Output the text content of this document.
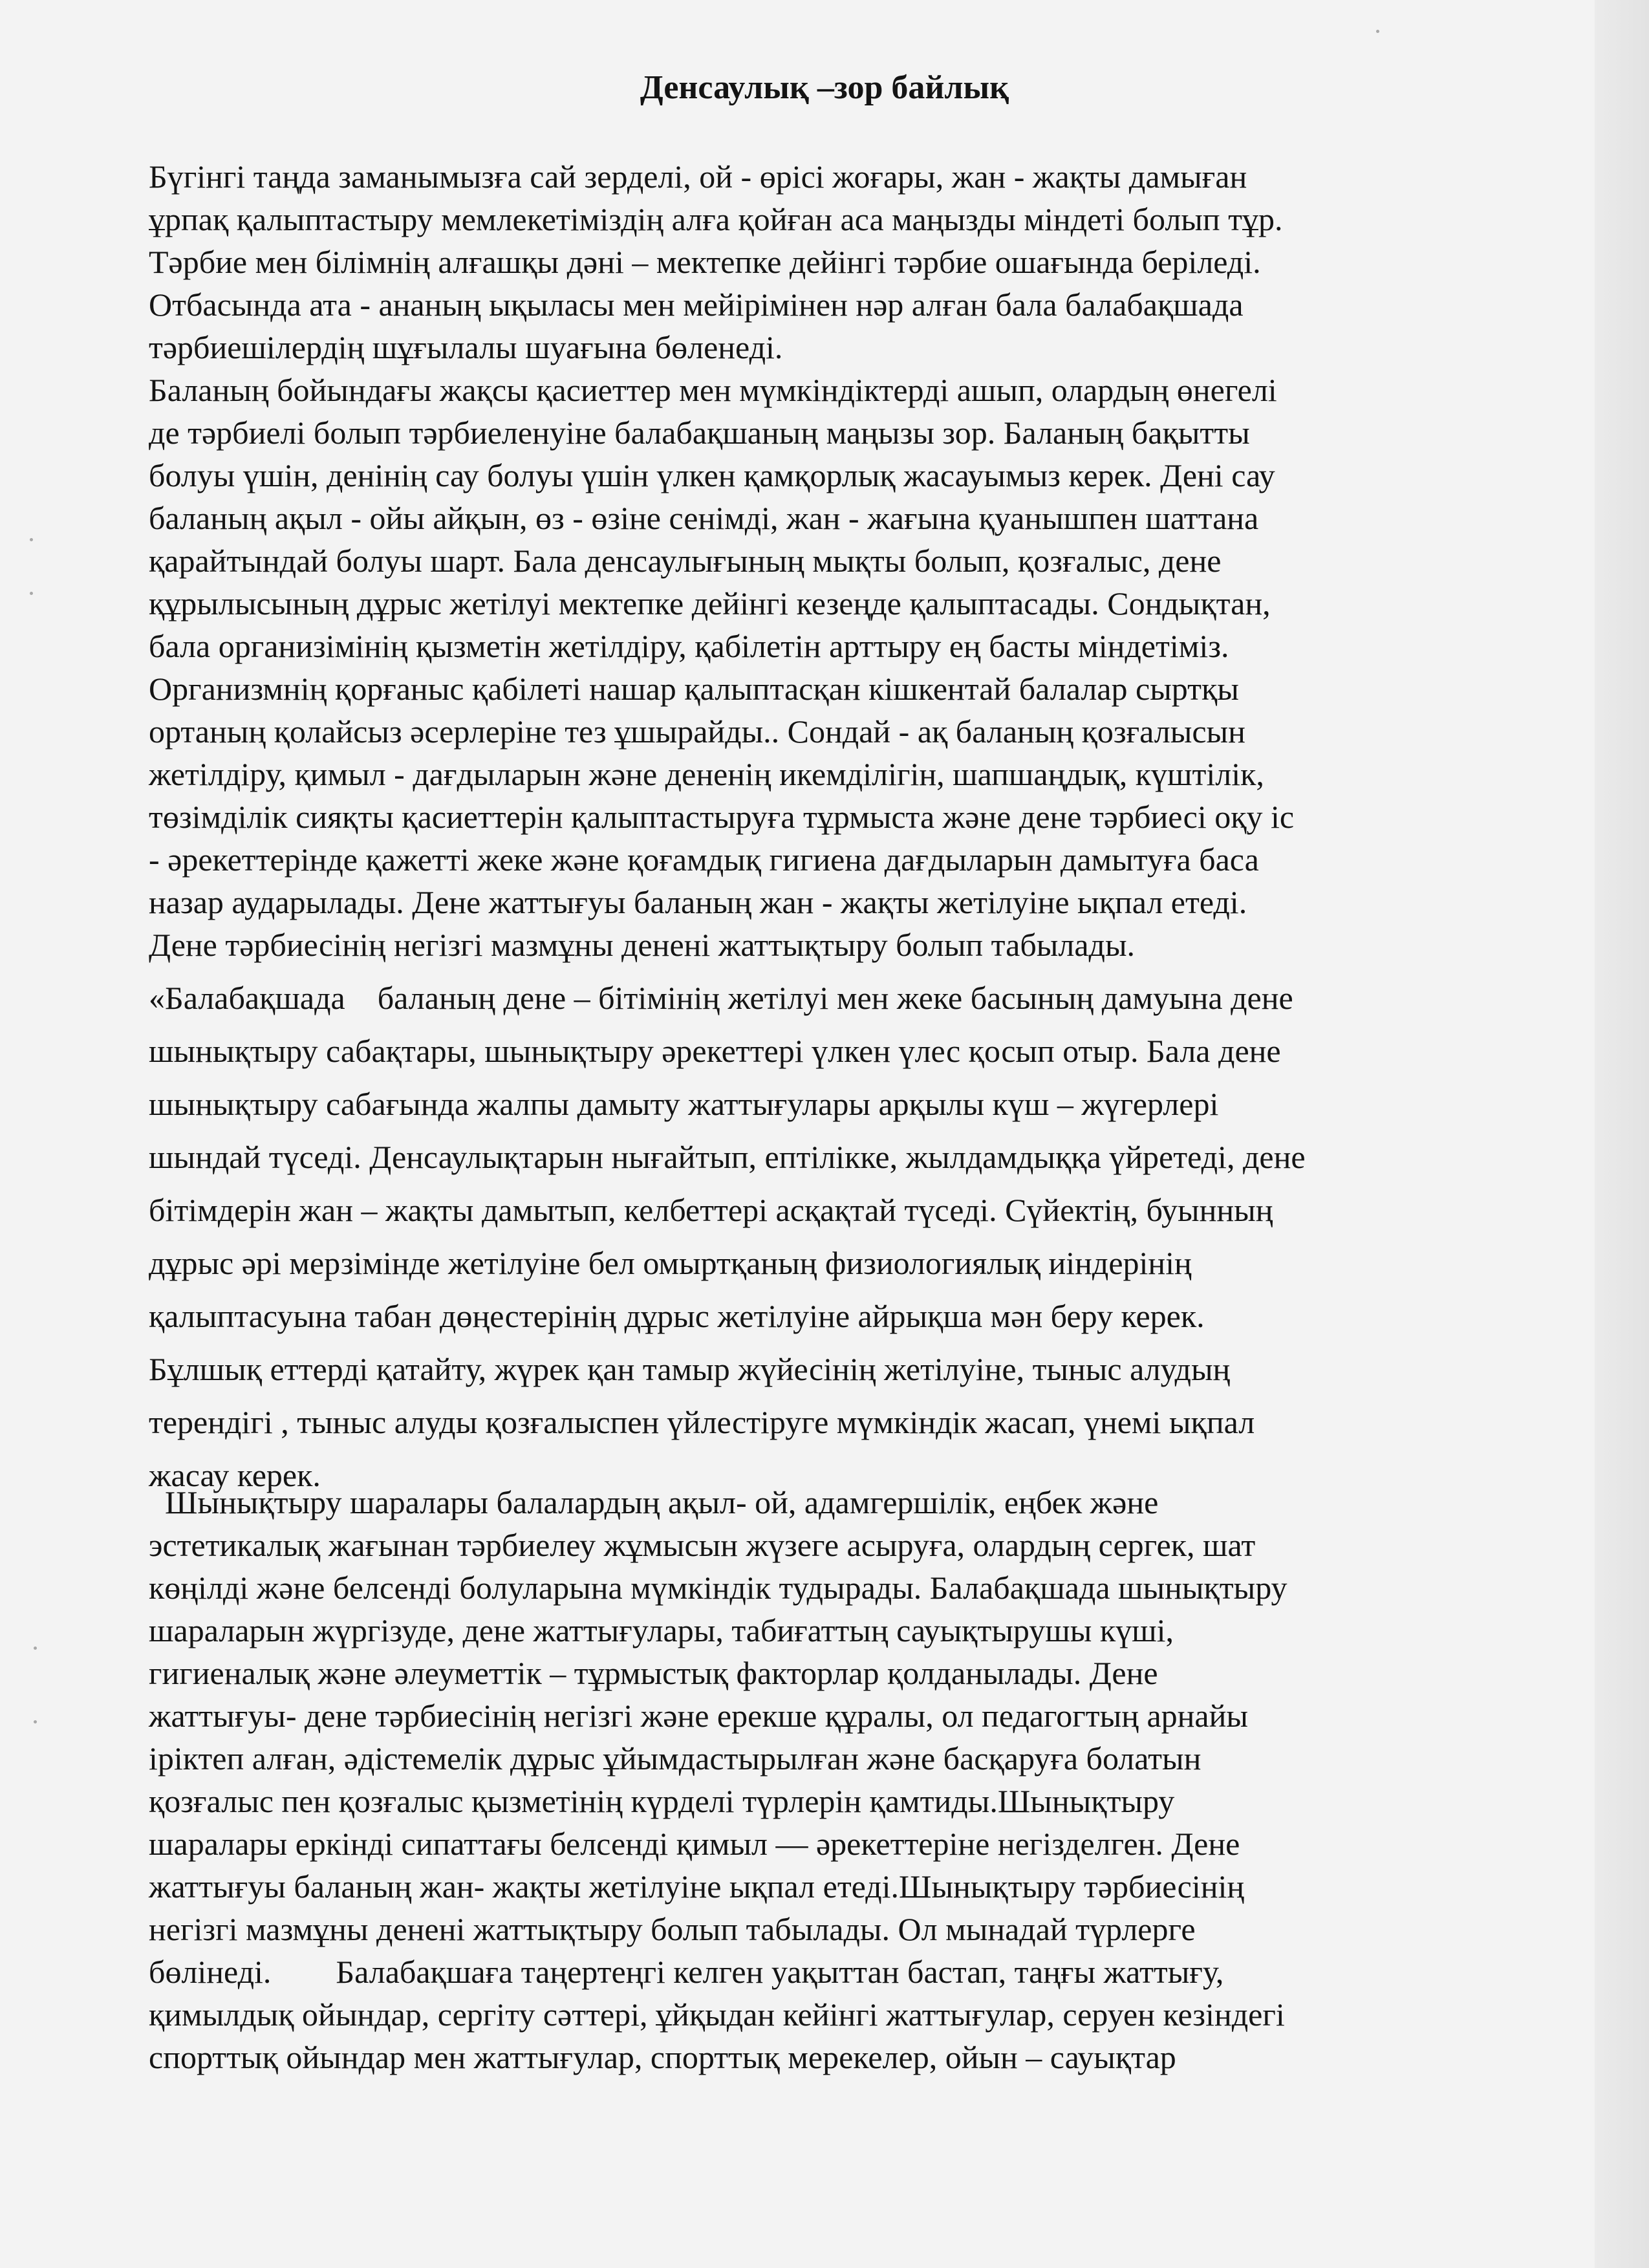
Денсаулық –зор байлық
Бүгінгі таңда заманымызға сай зерделі, ой - өрісі жоғары, жан - жақты дамыған
ұрпақ қалыптастыру мемлекетіміздің алға қойған аса маңызды міндеті болып тұр.
Тәрбие мен білімнің алғашқы дәні – мектепке дейінгі тәрбие ошағында беріледі.
Отбасында ата - ананың ықыласы мен мейірімінен нәр алған бала балабақшада
тәрбиешілердің шұғылалы шуағына бөленеді.
Баланың бойындағы жақсы қасиеттер мен мүмкіндіктерді ашып, олардың өнегелі
де тәрбиелі болып тәрбиеленуіне балабақшаның маңызы зор. Баланың бақытты
болуы үшін, денінің сау болуы үшін үлкен қамқорлық жасауымыз керек. Дені сау
баланың ақыл - ойы айқын, өз - өзіне сенімді, жан - жағына қуанышпен шаттана
қарайтындай болуы шарт. Бала денсаулығының мықты болып, қозғалыс, дене
құрылысының дұрыс жетілуі мектепке дейінгі кезеңде қалыптасады. Сондықтан,
бала организімінің қызметін жетілдіру, қабілетін арттыру ең басты міндетіміз.
Организмнің қорғаныс қабілеті нашар қалыптасқан кішкентай балалар сыртқы
ортаның қолайсыз әсерлеріне тез ұшырайды.. Сондай - ақ баланың қозғалысын
жетілдіру, қимыл - дағдыларын және дененің икемділігін, шапшаңдық, күштілік,
төзімділік сияқты қасиеттерін қалыптастыруға тұрмыста және дене тәрбиесі оқу іс
- әрекеттерінде қажетті жеке және қоғамдық гигиена дағдыларын дамытуға баса
назар аударылады. Дене жаттығуы баланың жан - жақты жетілуіне ықпал етеді.
Дене тәрбиесінің негізгі мазмұны денені жаттықтыру болып табылады.
«Балабақшада    баланың дене – бітімінің жетілуі мен жеке басының дамуына дене
шынықтыру сабақтары, шынықтыру әрекеттері үлкен үлес қосып отыр. Бала дене
шынықтыру сабағында жалпы дамыту жаттығулары арқылы күш – жүгерлері
шындай түседі. Денсаулықтарын нығайтып, ептілікке, жылдамдыққа үйретеді, дене
бітімдерін жан – жақты дамытып, келбеттері асқақтай түседі. Сүйектің, буынның
дұрыс әрі мерзімінде жетілуіне бел омыртқаның физиологиялық иіндерінің
қалыптасуына табан дөңестерінің дұрыс жетілуіне айрықша мән беру керек.
Бұлшық еттерді қатайту, жүрек қан тамыр жүйесінің жетілуіне, тыныс алудың
терендігі , тыныс алуды қозғалыспен үйлестіруге мүмкіндік жасап, үнемі ықпал
жасау керек.
Шынықтыру шаралары балалардың ақыл- ой, адамгершілік, еңбек және
эстетикалық жағынан тәрбиелеу жұмысын жүзеге асыруға, олардың сергек, шат
көңілді және белсенді болуларына мүмкіндік тудырады. Балабақшада шынықтыру
шараларын жүргізуде, дене жаттығулары, табиғаттың сауықтырушы күші,
гигиеналық және әлеуметтік – тұрмыстық факторлар қолданылады. Дене
жаттығуы- дене тәрбиесінің негізгі және ерекше құралы, ол педагогтың арнайы
іріктеп алған, әдістемелік дұрыс ұйымдастырылған және басқаруға болатын
қозғалыс пен қозғалыс қызметінің күрделі түрлерін қамтиды.Шынықтыру
шаралары еркінді сипаттағы белсенді қимыл — әрекеттеріне негізделген. Дене
жаттығуы баланың жан- жақты жетілуіне ықпал етеді.Шынықтыру тәрбиесінің
негізгі мазмұны денені жаттықтыру болып табылады. Ол мынадай түрлерге
бөлінеді.        Балабақшаға таңертеңгі келген уақыттан бастап, таңғы жаттығу,
қимылдық ойындар, сергіту сәттері, ұйқыдан кейінгі жаттығулар, серуен кезіндегі
спорттық ойындар мен жаттығулар, спорттық мерекелер, ойын – сауықтар
